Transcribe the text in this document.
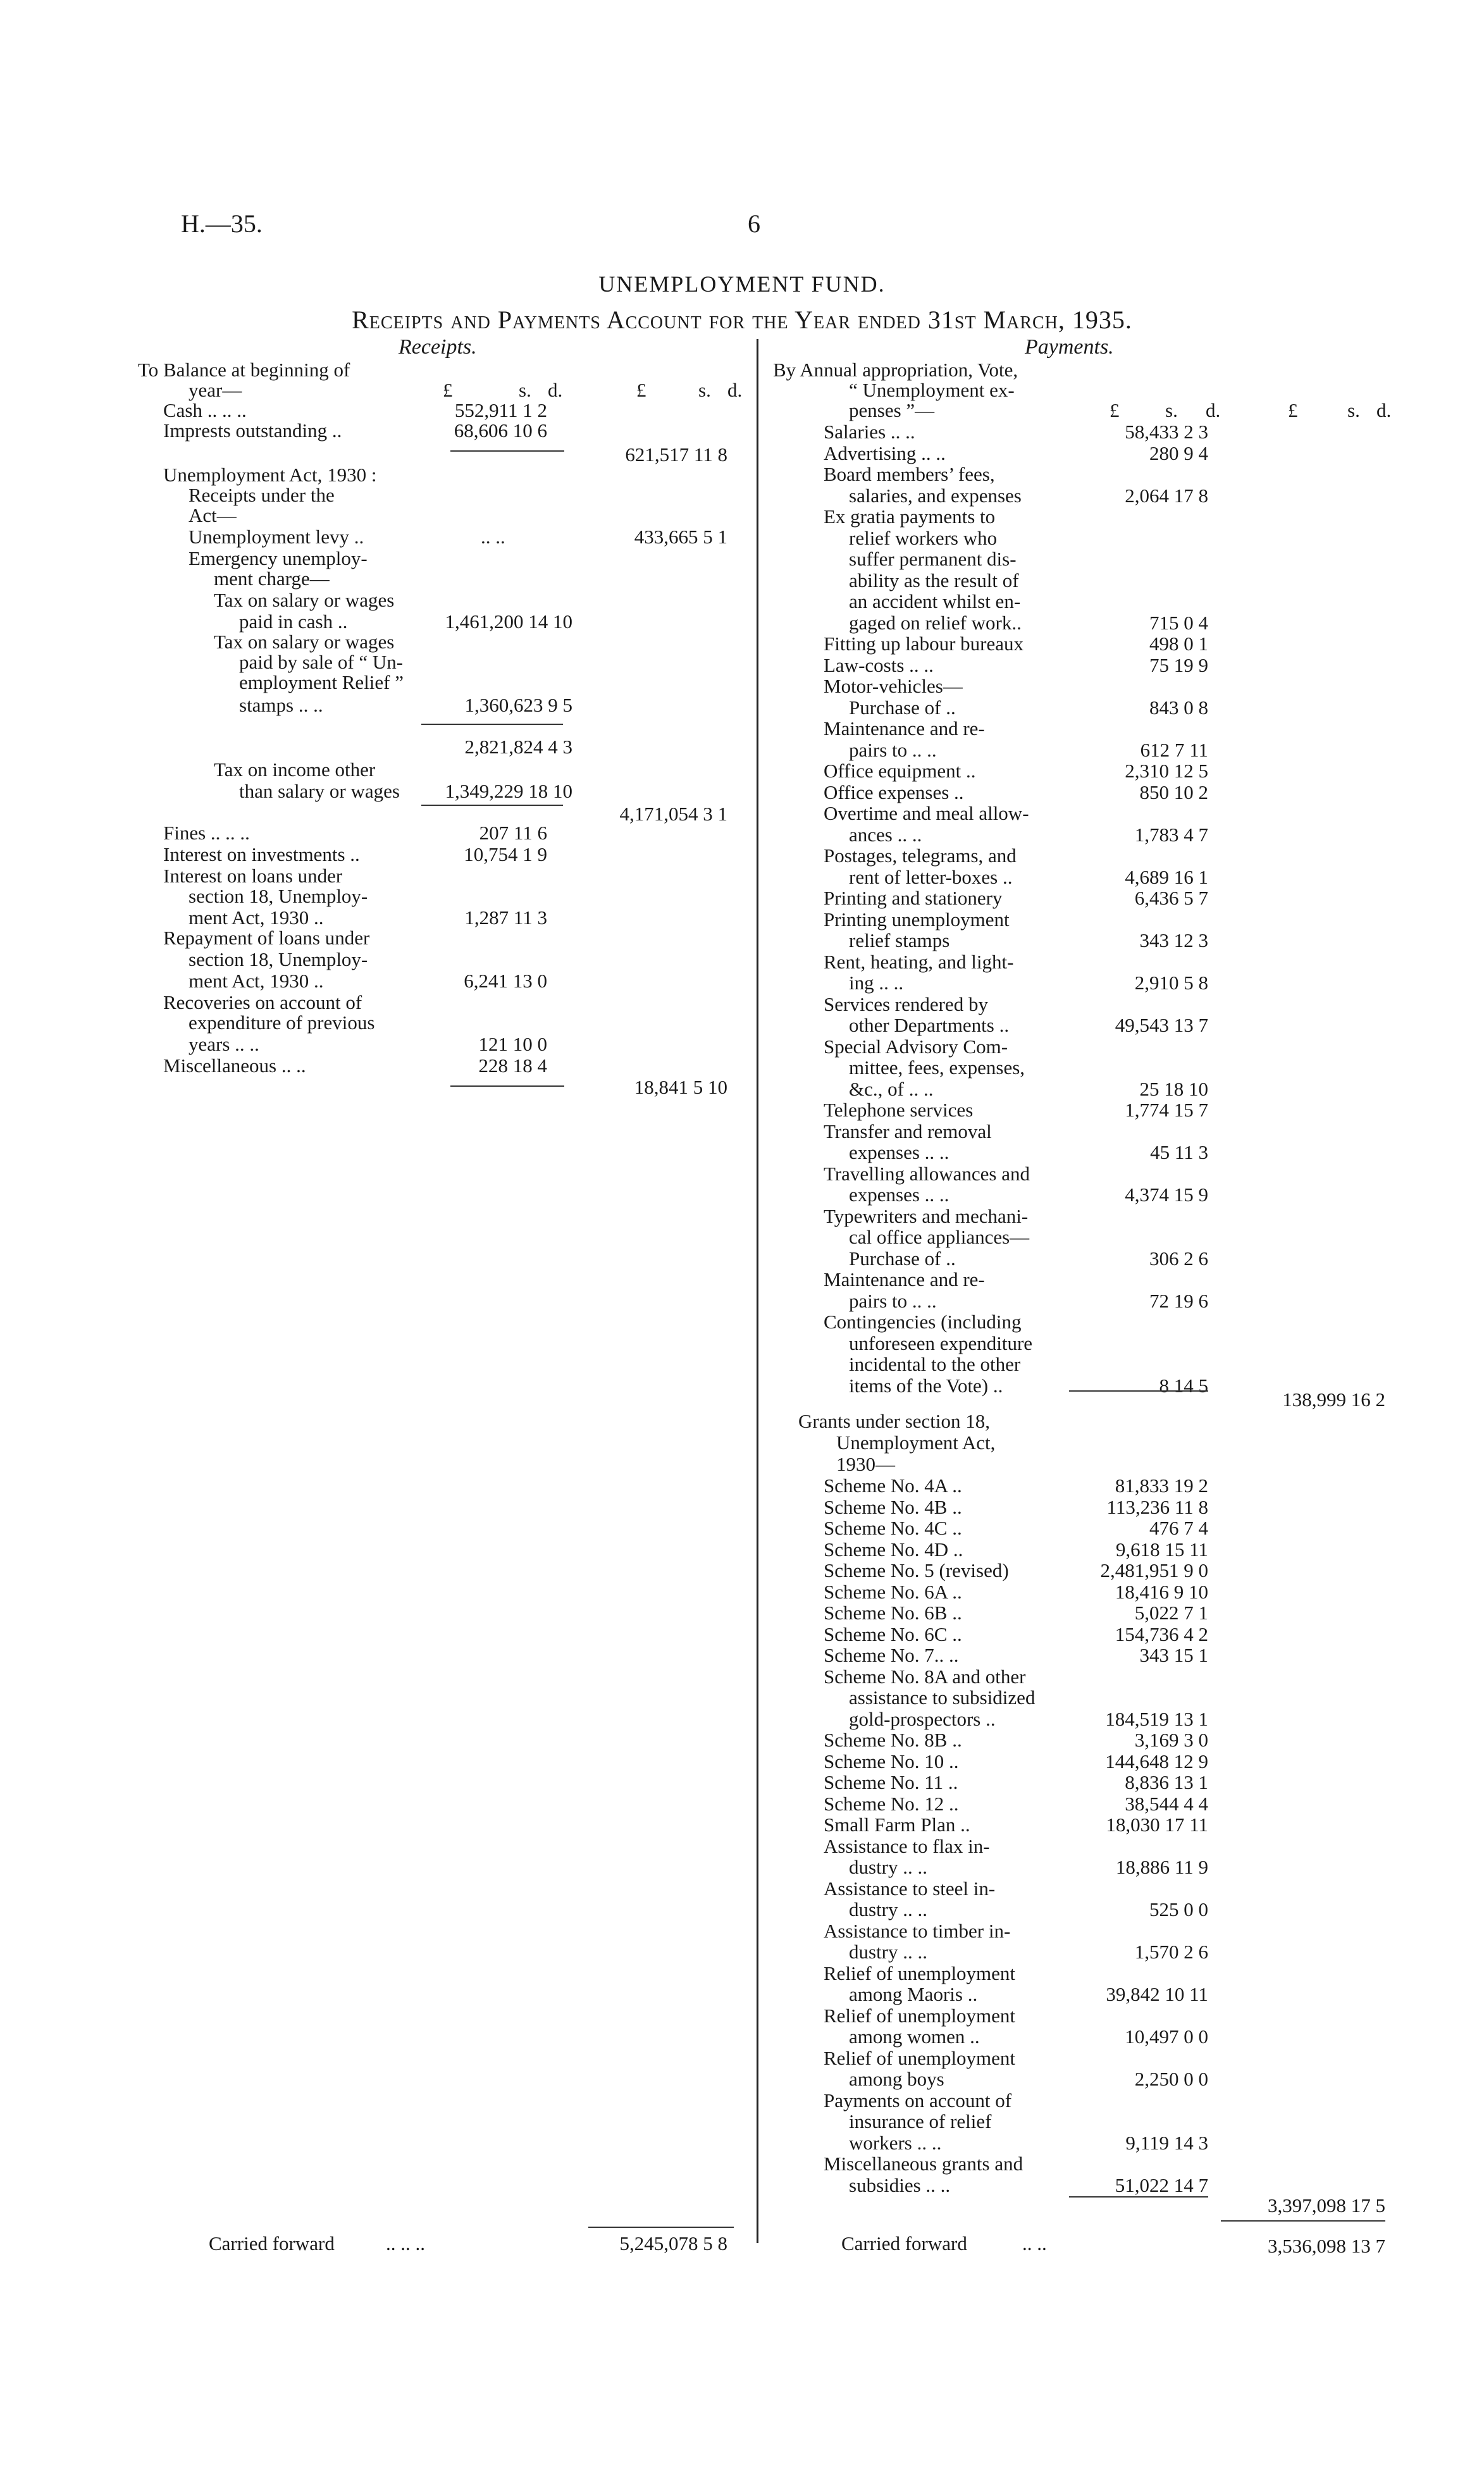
H.—35.	6
UNEMPLOYMENT FUND.
Receipts and Payments Account for the Year ended 31st March, 1935.
Receipts.	Payments.
To Balance at beginning of
year—	£	s. d.	£	s. d.
Cash .. .. ..	552,911 1 2
Imprests outstanding ..	68,606 10 6
621,517 11 8
Unemployment Act, 1930 :
Receipts under the
Act—
Unemployment levy ..	.. ..	433,665 5 1
Emergency unemploy-
ment charge—
Tax on salary or wages
paid in cash ..	1,461,200 14 10
Tax on salary or wages
paid by sale of “ Un-
employment Relief ”
stamps .. ..	1,360,623 9 5
2,821,824 4 3
Tax on income other
than salary or wages	1,349,229 18 10
4,171,054 3 1
Fines .. .. ..	207 11 6
Interest on investments ..	10,754 1 9
Interest on loans under
section 18, Unemploy-
ment Act, 1930 ..	1,287 11 3
Repayment of loans under
section 18, Unemploy-
ment Act, 1930 ..	6,241 13 0
Recoveries on account of
expenditure of previous
years .. ..	121 10 0
Miscellaneous .. ..	228 18 4
18,841 5 10
Carried forward	.. .. ..	5,245,078 5 8
By Annual appropriation, Vote,
“ Unemployment ex-
penses ”—	£ s. d.	£	s. d.
Salaries .. ..	58,433 2 3
Advertising .. ..	280 9 4
Board members’ fees,
salaries, and expenses	2,064 17 8
Ex gratia payments to
relief workers who
suffer permanent dis-
ability as the result of
an accident whilst en-
gaged on relief work..	715 0 4
Fitting up labour bureaux	498 0 1
Law-costs .. ..	75 19 9
Motor-vehicles—
Purchase of ..	843 0 8
Maintenance and re-
pairs to .. ..	612 7 11
Office equipment ..	2,310 12 5
Office expenses ..	850 10 2
Overtime and meal allow-
ances .. ..	1,783 4 7
Postages, telegrams, and
rent of letter-boxes ..	4,689 16 1
Printing and stationery	6,436 5 7
Printing unemployment
relief stamps	343 12 3
Rent, heating, and light-
ing .. ..	2,910 5 8
Services rendered by
other Departments ..	49,543 13 7
Special Advisory Com-
mittee, fees, expenses,
&c., of .. ..	25 18 10
Telephone services	1,774 15 7
Transfer and removal
expenses .. ..	45 11 3
Travelling allowances and
expenses .. ..	4,374 15 9
Typewriters and mechani-
cal office appliances—
Purchase of ..	306 2 6
Maintenance and re-
pairs to .. ..	72 19 6
Contingencies (including
unforeseen expenditure
incidental to the other
items of the Vote) ..	8 14 5
138,999 16 2
Grants under section 18,
Unemployment Act,
1930—
Scheme No. 4A ..	81,833 19 2
Scheme No. 4B ..	113,236 11 8
Scheme No. 4C ..	476 7 4
Scheme No. 4D ..	9,618 15 11
Scheme No. 5 (revised)	2,481,951 9 0
Scheme No. 6A ..	18,416 9 10
Scheme No. 6B ..	5,022 7 1
Scheme No. 6C ..	154,736 4 2
Scheme No. 7.. ..	343 15 1
Scheme No. 8A and other
assistance to subsidized
gold-prospectors ..	184,519 13 1
Scheme No. 8B ..	3,169 3 0
Scheme No. 10 ..	144,648 12 9
Scheme No. 11 ..	8,836 13 1
Scheme No. 12 ..	38,544 4 4
Small Farm Plan ..	18,030 17 11
Assistance to flax in-
dustry .. ..	18,886 11 9
Assistance to steel in-
dustry .. ..	525 0 0
Assistance to timber in-
dustry .. ..	1,570 2 6
Relief of unemployment
among Maoris ..	39,842 10 11
Relief of unemployment
among women ..	10,497 0 0
Relief of unemployment
among boys	2,250 0 0
Payments on account of
insurance of relief
workers .. ..	9,119 14 3
Miscellaneous grants and
subsidies .. ..	51,022 14 7
3,397,098 17 5
Carried forward	.. ..	3,536,098 13 7
